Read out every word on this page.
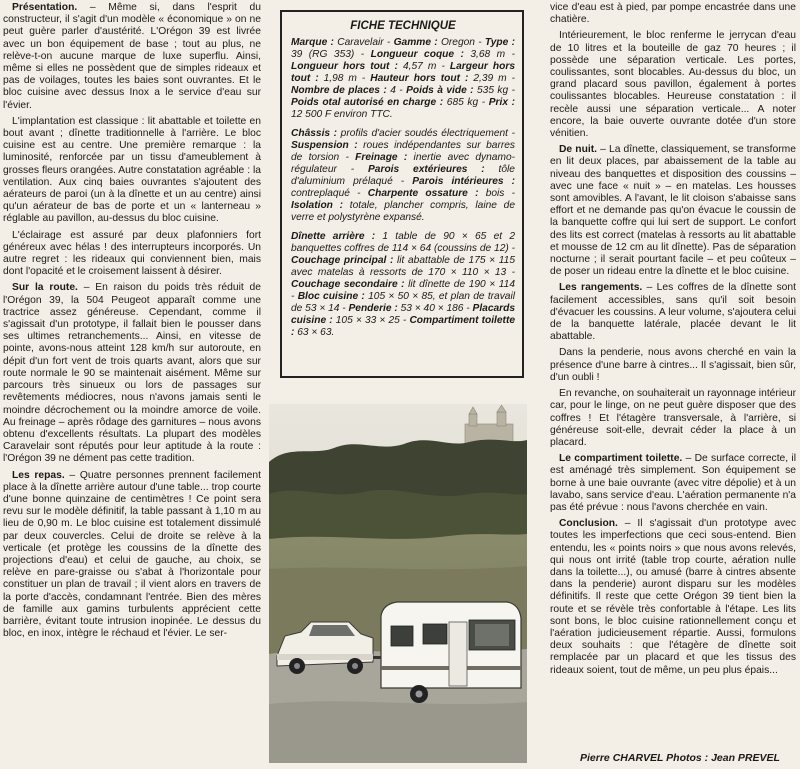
Présentation. – Même si, dans l'esprit du constructeur, il s'agit d'un modèle « économique » on ne peut guère parler d'austérité. L'Orégon 39 est livrée avec un bon équipement de base ; tout au plus, ne relève-t-on aucune marque de luxe superflu. Ainsi, même si elles ne possèdent que de simples rideaux et pas de voilages, toutes les baies sont ouvrantes. Et le bloc cuisine avec dessus Inox a le service d'eau sur l'évier.

L'implantation est classique : lit abattable et toilette en bout avant ; dînette traditionnelle à l'arrière. Le bloc cuisine est au centre. Une première remarque : la luminosité, renforcée par un tissu d'ameublement à grosses fleurs orangées. Autre constatation agréable : la ventilation. Aux cinq baies ouvrantes s'ajoutent des aérateurs de paroi (un à la dînette et un au centre) ainsi qu'un aérateur de bas de porte et un « lanterneau » réglable au pavillon, au-dessus du bloc cuisine.

L'éclairage est assuré par deux plafonniers fort généreux avec hélas ! des interrupteurs incorporés. Un autre regret : les rideaux qui conviennent bien, mais dont l'opacité et le croisement laissent à désirer.

Sur la route. – En raison du poids très réduit de l'Orégon 39, la 504 Peugeot apparaît comme une tractrice assez généreuse. Cependant, comme il s'agissait d'un prototype, il fallait bien le pousser dans ses ultimes retranchements... Ainsi, en vitesse de pointe, avons-nous atteint 128 km/h sur autoroute, en dépit d'un fort vent de trois quarts avant, alors que sur route normale le 90 se maintenait aisément. Même sur parcours très sinueux ou lors de passages sur revêtements médiocres, nous n'avons jamais senti le moindre décrochement ou la moindre amorce de voile. Au freinage – après rôdage des garnitures – nous avons obtenu d'excellents résultats. La plupart des modèles Caravelair sont réputés pour leur aptitude à la route : l'Orégon 39 ne dément pas cette tradition.

Les repas. – Quatre personnes prennent facilement place à la dînette arrière autour d'une table... trop courte d'une bonne quinzaine de centimètres ! Ce point sera revu sur le modèle définitif, la table passant à 1,10 m au lieu de 0,90 m. Le bloc cuisine est totalement dissimulé par deux couvercles. Celui de droite se relève à la verticale (et protège les coussins de la dînette des projections d'eau) et celui de gauche, au choix, se relève en pare-graisse ou s'abat à l'horizontale pour constituer un plan de travail ; il vient alors en travers de la porte d'accès, condamnant l'entrée. Bien des mères de famille aux gamins turbulents apprécient cette barrière, évitant toute intrusion inopinée. Le dessus du bloc, en inox, intègre le réchaud et l'évier. Le ser-

FICHE TECHNIQUE

Marque : Caravelair - Gamme : Oregon - Type : 39 (RG 353) - Longueur coque : 3,68 m - Longueur hors tout : 4,57 m - Largeur hors tout : 1,98 m - Hauteur hors tout : 2,39 m - Nombre de places : 4 - Poids à vide : 535 kg - Poids otal autorisé en charge : 685 kg - Prix : 12 500 F environ TTC.

Châssis : profils d'acier soudés électriquement - Suspension : roues indépendantes sur barres de torsion - Freinage : inertie avec dynamo-régulateur - Parois extérieures : tôle d'aluminium prélaqué - Parois intérieures : contreplaqué - Charpente ossature : bois - Isolation : totale, plancher compris, laine de verre et polystyrène expansé.

Dînette arrière : 1 table de 90 × 65 et 2 banquettes coffres de 114 × 64 (coussins de 12) - Couchage principal : lit abattable de 175 × 115 avec matelas à ressorts de 170 × 110 × 13 - Couchage secondaire : lit dînette de 190 × 114 - Bloc cuisine : 105 × 50 × 85, et plan de travail de 53 × 14 - Penderie : 53 × 40 × 186 - Placards cuisine : 105 × 33 × 25 - Compartiment toilette : 63 × 63.

vice d'eau est à pied, par pompe encastrée dans une chatière.

Intérieurement, le bloc renferme le jerrycan d'eau de 10 litres et la bouteille de gaz 70 heures ; il possède une séparation verticale. Les portes, coulissantes, sont blocables. Au-dessus du bloc, un grand placard sous pavillon, également à portes coulissantes blocables. Heureuse constatation : il recèle aussi une séparation verticale... A noter encore, la baie ouverte ouvrante dotée d'un store vénitien.

De nuit. – La dînette, classiquement, se transforme en lit deux places, par abaissement de la table au niveau des banquettes et disposition des coussins – avec une face « nuit » – en matelas. Les housses sont amovibles. A l'avant, le lit cloison s'abaisse sans effort et ne demande pas qu'on évacue le coussin de la banquette coffre qui lui sert de support. Le confort des lits est correct (matelas à ressorts au lit abattable et mousse de 12 cm au lit dînette). Pas de séparation nocturne ; il serait pourtant facile – et peu coûteux – de poser un rideau entre la dînette et le bloc cuisine.

Les rangements. – Les coffres de la dînette sont facilement accessibles, sans qu'il soit besoin d'évacuer les coussins. A leur volume, s'ajoutera celui de la banquette latérale, placée devant le lit abattable.

Dans la penderie, nous avons cherché en vain la présence d'une barre à cintres... Il s'agissait, bien sûr, d'un oubli !

En revanche, on souhaiterait un rayonnage intérieur car, pour le linge, on ne peut guère disposer que des coffres ! Et l'étagère transversale, à l'arrière, si généreuse soit-elle, devrait céder la place à un placard.

Le compartiment toilette. – De surface correcte, il est aménagé très simplement. Son équipement se borne à une baie ouvrante (avec vitre dépolie) et à un lavabo, sans service d'eau. L'aération permanente n'a pas été prévue : nous l'avons cherchée en vain.

Conclusion. – Il s'agissait d'un prototype avec toutes les imperfections que ceci sous-entend. Bien entendu, les « points noirs » que nous avons relevés, qui nous ont irrité (table trop courte, aération nulle dans la toilette...), ou amusé (barre à cintres absente dans la penderie) auront disparu sur les modèles définitifs. Il reste que cette Orégon 39 tient bien la route et se révèle très confortable à l'étape. Les lits sont bons, le bloc cuisine rationnellement conçu et l'aération judicieusement répartie. Aussi, formulons deux souhaits : que l'étagère de dînette soit remplacée par un placard et que les tissus des rideaux soient, tout de même, un peu plus épais...

Pierre CHARVEL Photos : Jean PREVEL
